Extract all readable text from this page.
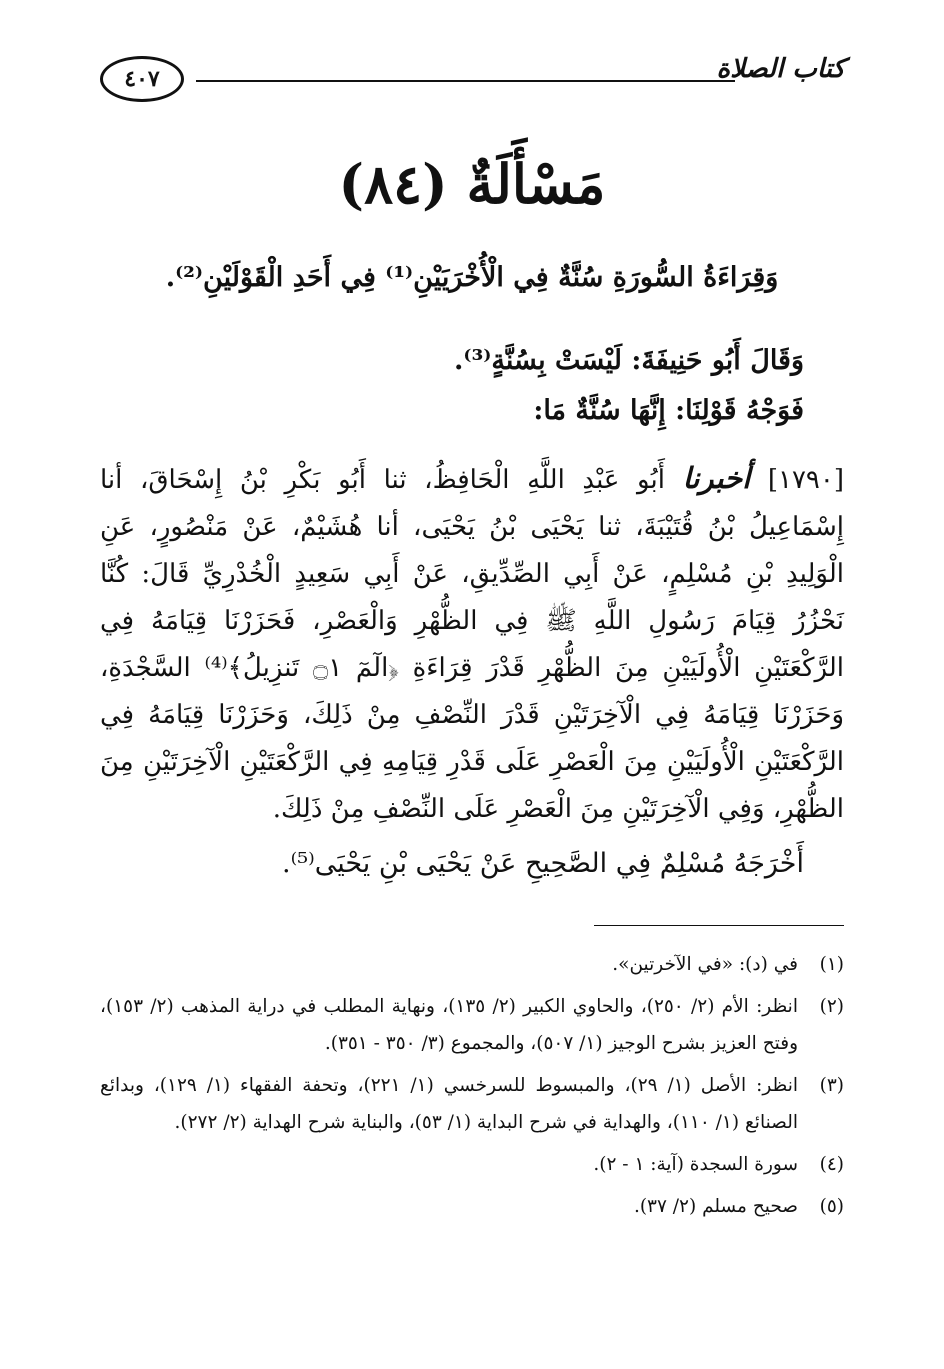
كتاب الصلاة
٤٠٧
مَسْأَلَةٌ (٨٤)
وَقِرَاءَةُ السُّورَةِ سُنَّةٌ فِي الْأُخْرَيَيْنِ⁽¹⁾ فِي أَحَدِ الْقَوْلَيْنِ⁽²⁾.
وَقَالَ أَبُو حَنِيفَةَ: لَيْسَتْ بِسُنَّةٍ⁽³⁾.
فَوَجْهُ قَوْلِنَا: إِنَّهَا سُنَّةٌ مَا:
[١٧٩٠] أخبرنا أَبُو عَبْدِ اللَّهِ الْحَافِظُ، ثنا أَبُو بَكْرِ بْنُ إِسْحَاقَ، أنا إِسْمَاعِيلُ بْنُ قُتَيْبَةَ، ثنا يَحْيَى بْنُ يَحْيَى، أنا هُشَيْمٌ، عَنْ مَنْصُورٍ، عَنِ الْوَلِيدِ بْنِ مُسْلِمٍ، عَنْ أَبِي الصِّدِّيقِ، عَنْ أَبِي سَعِيدٍ الْخُدْرِيِّ قَالَ: كُنَّا نَحْزُرُ قِيَامَ رَسُولِ اللَّهِ ﷺ فِي الظُّهْرِ وَالْعَصْرِ، فَحَزَرْنَا قِيَامَهُ فِي الرَّكْعَتَيْنِ الْأُولَيَيْنِ مِنَ الظُّهْرِ قَدْرَ قِرَاءَةِ ﴿الٓمٓ ۝١ تَنزِيلُ﴾⁽⁴⁾ السَّجْدَةِ، وَحَزَرْنَا قِيَامَهُ فِي الْآخِرَتَيْنِ قَدْرَ النِّصْفِ مِنْ ذَلِكَ، وَحَزَرْنَا قِيَامَهُ فِي الرَّكْعَتَيْنِ الْأُولَيَيْنِ مِنَ الْعَصْرِ عَلَى قَدْرِ قِيَامِهِ فِي الرَّكْعَتَيْنِ الْآخِرَتَيْنِ مِنَ الظُّهْرِ، وَفِي الْآخِرَتَيْنِ مِنَ الْعَصْرِ عَلَى النِّصْفِ مِنْ ذَلِكَ.
أَخْرَجَهُ مُسْلِمٌ فِي الصَّحِيحِ عَنْ يَحْيَى بْنِ يَحْيَى⁽⁵⁾.
(١)
في (د): «في الآخرتين».
(٢)
انظر: الأم (٢/ ٢٥٠)، والحاوي الكبير (٢/ ١٣٥)، ونهاية المطلب في دراية المذهب (٢/ ١٥٣)، وفتح العزيز بشرح الوجيز (١/ ٥٠٧)، والمجموع (٣/ ٣٥٠ - ٣٥١).
(٣)
انظر: الأصل (١/ ٢٩)، والمبسوط للسرخسي (١/ ٢٢١)، وتحفة الفقهاء (١/ ١٢٩)، وبدائع الصنائع (١/ ١١٠)، والهداية في شرح البداية (١/ ٥٣)، والبناية شرح الهداية (٢/ ٢٧٢).
(٤)
سورة السجدة (آية: ١ - ٢).
(٥)
صحيح مسلم (٢/ ٣٧).
